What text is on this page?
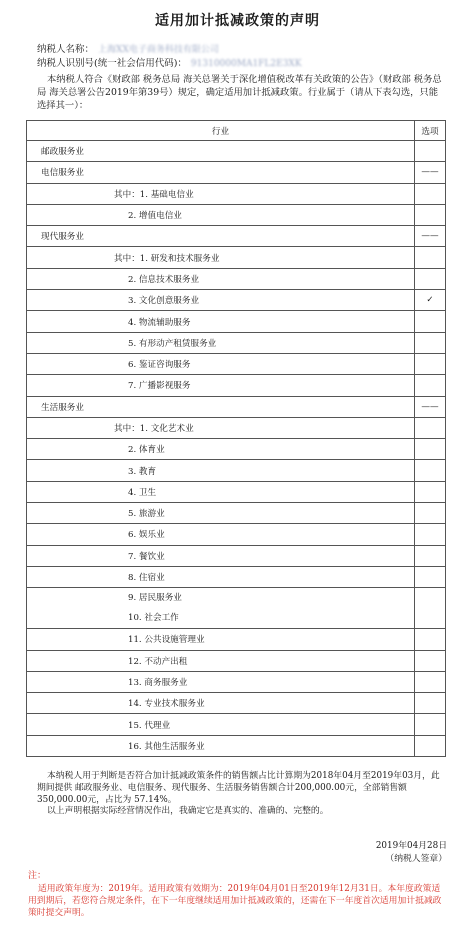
适用加计抵减政策的声明
纳税人名称： 上海XX电子商务科技有限公司
纳税人识别号(统一社会信用代码)： 91310000MA1FL2E3XK
本纳税人符合《财政部 税务总局 海关总署关于深化增值税改革有关政策的公告》（财政部 税务总局 海关总署公告2019年第39号）规定，确定适用加计抵减政策。行业属于（请从下表勾选，只能选择其一）：
行业	选项

邮政服务业	

电信服务业	——

其中：1. 基础电信业	

2. 增值电信业	

现代服务业	——

其中：1. 研发和技术服务业	

2. 信息技术服务业	

3. 文化创意服务业	✓

4. 物流辅助服务	

5. 有形动产租赁服务业	

6. 鉴证咨询服务	

7. 广播影视服务	

生活服务业	——

其中：1. 文化艺术业	

2. 体育业	

3. 教育	

4. 卫生	

5. 旅游业	

6. 娱乐业	

7. 餐饮业	

8. 住宿业	

9. 居民服务业
10. 社会工作	

11. 公共设施管理业	

12. 不动产出租	

13. 商务服务业	

14. 专业技术服务业	

15. 代理业	

16. 其他生活服务业	

本纳税人用于判断是否符合加计抵减政策条件的销售额占比计算期为2018年04月至2019年03月，此期间提供 邮政服务业、电信服务、现代服务、生活服务销售额合计200,000.00元，全部销售额350,000.00元，占比为 57.14%。
以上声明根据实际经营情况作出，我确定它是真实的、准确的、完整的。
2019年04月28日
（纳税人签章）
注：
适用政策年度为：2019年。适用政策有效期为：2019年04月01日至2019年12月31日。本年度政策适用到期后，若您符合规定条件，在下一年度继续适用加计抵减政策的，还需在下一年度首次适用加计抵减政策时提交声明。
